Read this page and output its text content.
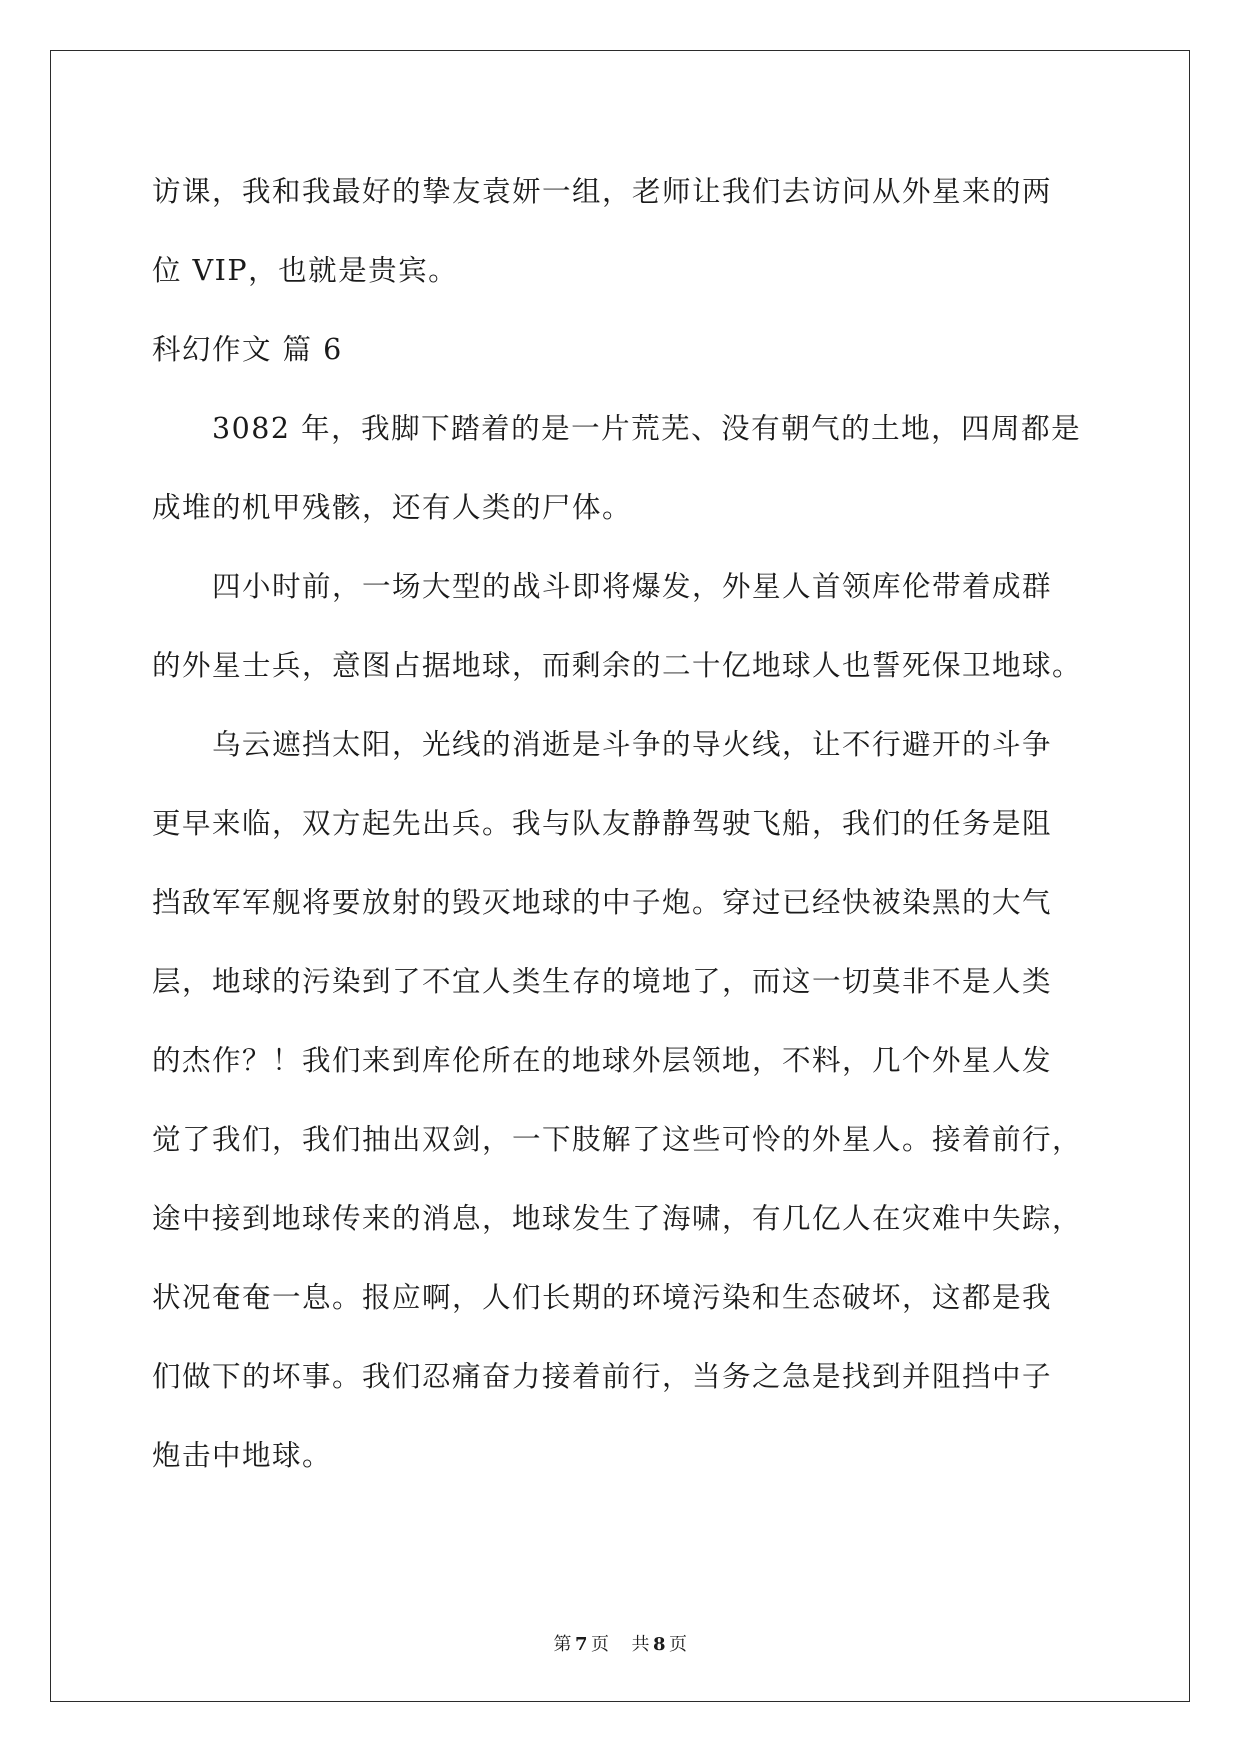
访课，我和我最好的挚友袁妍一组，老师让我们去访问从外星来的两
位 VIP，也就是贵宾。
科幻作文 篇 6
3082 年，我脚下踏着的是一片荒芜、没有朝气的土地，四周都是
成堆的机甲残骸，还有人类的尸体。
四小时前，一场大型的战斗即将爆发，外星人首领库伦带着成群
的外星士兵，意图占据地球，而剩余的二十亿地球人也誓死保卫地球。
乌云遮挡太阳，光线的消逝是斗争的导火线，让不行避开的斗争
更早来临，双方起先出兵。我与队友静静驾驶飞船，我们的任务是阻
挡敌军军舰将要放射的毁灭地球的中子炮。穿过已经快被染黑的大气
层，地球的污染到了不宜人类生存的境地了，而这一切莫非不是人类
的杰作？！我们来到库伦所在的地球外层领地，不料，几个外星人发
觉了我们，我们抽出双剑，一下肢解了这些可怜的外星人。接着前行，
途中接到地球传来的消息，地球发生了海啸，有几亿人在灾难中失踪，
状况奄奄一息。报应啊，人们长期的环境污染和生态破坏，这都是我
们做下的坏事。我们忍痛奋力接着前行，当务之急是找到并阻挡中子
炮击中地球。
第 7 页 共 8 页
